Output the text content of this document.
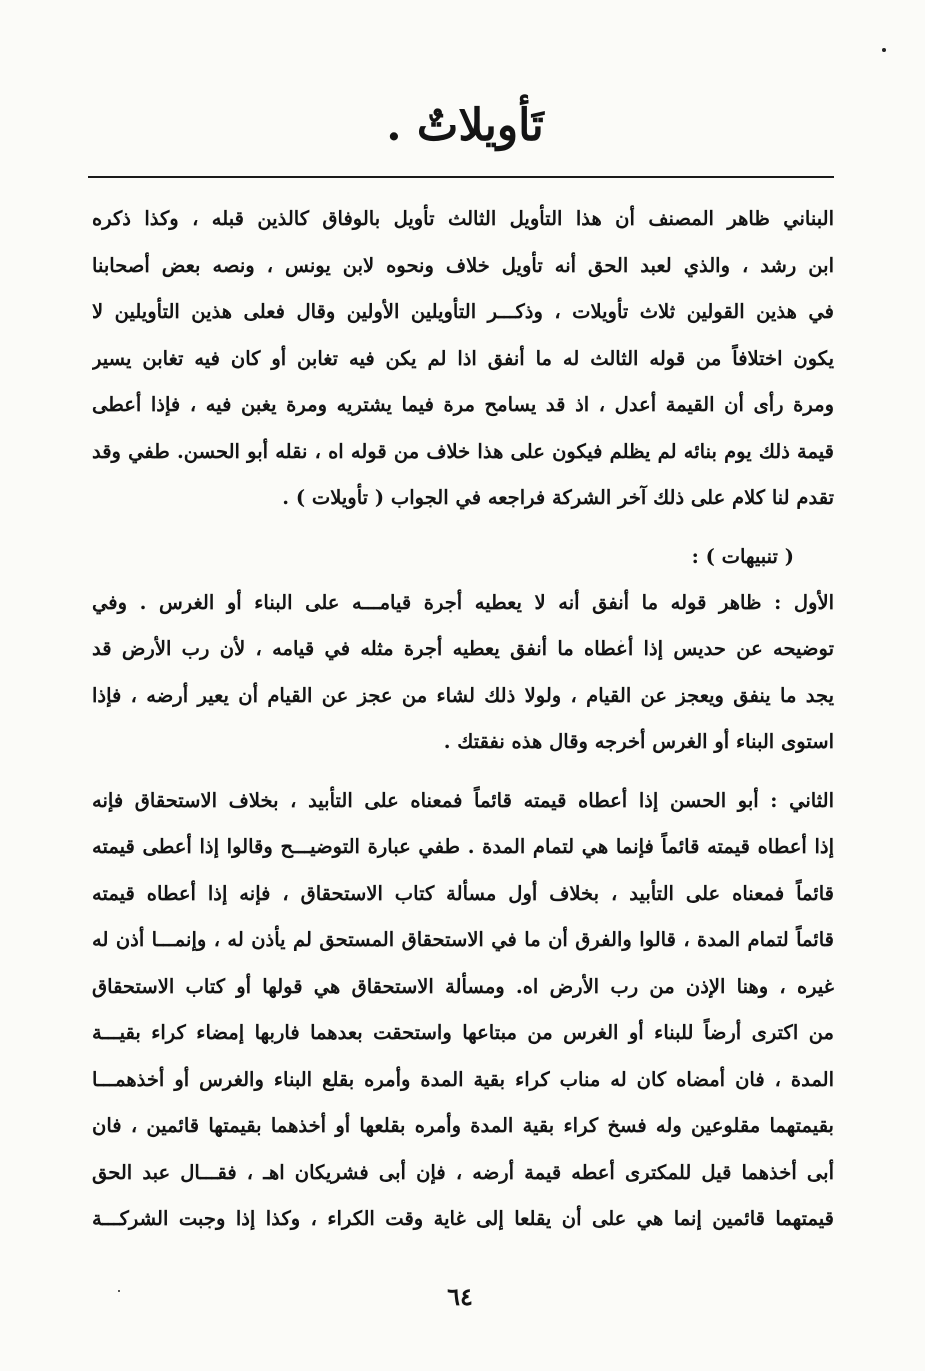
تَأويلاتٌ .
البناني ظاهر المصنف أن هذا التأويل الثالث تأويل بالوفاق كالذين قبله ، وكذا ذكره
ابن رشد ، والذي لعبد الحق أنه تأويل خلاف ونحوه لابن يونس ، ونصه بعض أصحابنا
في هذين القولين ثلاث تأويلات ، وذكـــر التأويلين الأولين وقال فعلى هذين التأويلين لا
يكون اختلافاً من قوله الثالث له ما أنفق اذا لم يكن فيه تغابن أو كان فيه تغابن يسير
ومرة رأى أن القيمة أعدل ، اذ قد يسامح مرة فيما يشتريه ومرة يغبن فيه ، فإذا أعطى
قيمة ذلك يوم بنائه لم يظلم فيكون على هذا خلاف من قوله اه ، نقله أبو الحسن. طفي وقد
تقدم لنا كلام على ذلك آخر الشركة فراجعه في الجواب ( تأويلات ) .
( تنبيهات ) :
الأول : ظاهر قوله ما أنفق أنه لا يعطيه أجرة قيامـــه على البناء أو الغرس . وفي
توضيحه عن حديس إذا أعطاه ما أنفق يعطيه أجرة مثله في قيامه ، لأن رب الأرض قد
يجد ما ينفق ويعجز عن القيام ، ولولا ذلك لشاء من عجز عن القيام أن يعير أرضه ، فإذا
استوى البناء أو الغرس أخرجه وقال هذه نفقتك .
الثاني : أبو الحسن إذا أعطاه قيمته قائماً فمعناه على التأبيد ، بخلاف الاستحقاق فإنه
إذا أعطاه قيمته قائماً فإنما هي لتمام المدة . طفي عبارة التوضيـــح وقالوا إذا أعطى قيمته
قائماً فمعناه على التأبيد ، بخلاف أول مسألة كتاب الاستحقاق ، فإنه إذا أعطاه قيمته
قائماً لتمام المدة ، قالوا والفرق أن ما في الاستحقاق المستحق لم يأذن له ، وإنمـــا أذن له
غيره ، وهنا الإذن من رب الأرض اه. ومسألة الاستحقاق هي قولها أو كتاب الاستحقاق
من اكترى أرضاً للبناء أو الغرس من مبتاعها واستحقت بعدهما فاربها إمضاء كراء بقيـــة
المدة ، فان أمضاه كان له مناب كراء بقية المدة وأمره بقلع البناء والغرس أو أخذهمـــا
بقيمتهما مقلوعين وله فسخ كراء بقية المدة وأمره بقلعها أو أخذهما بقيمتها قائمين ، فان
أبى أخذهما قيل للمكترى أعطه قيمة أرضه ، فإن أبى فشريكان اهـ ، فقـــال عبد الحق
قيمتهما قائمين إنما هي على أن يقلعا إلى غاية وقت الكراء ، وكذا إذا وجبت الشركـــة
٦٤
